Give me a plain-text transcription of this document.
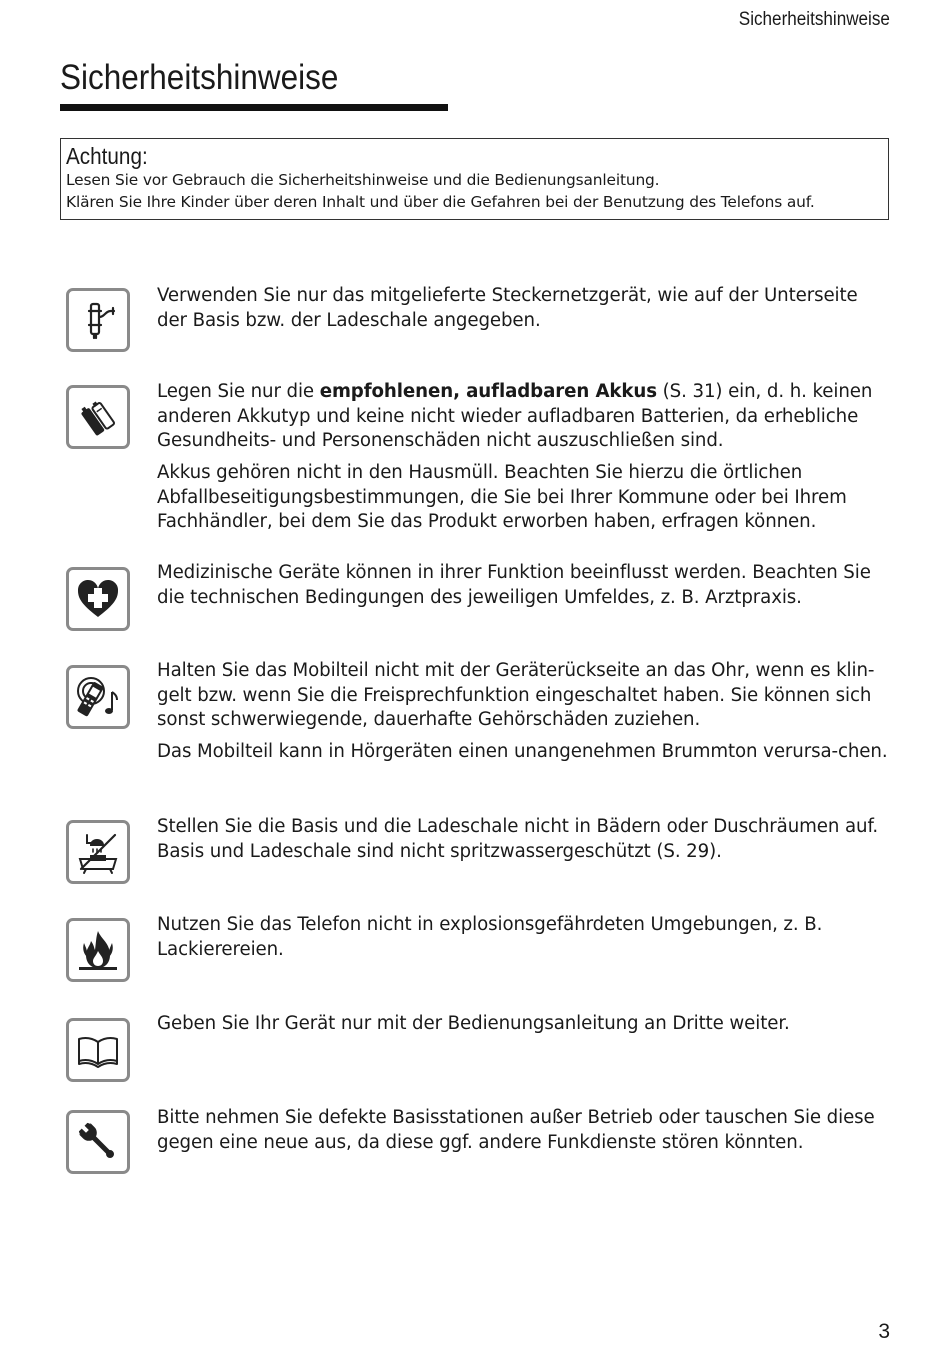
Sicherheitshinweise
Sicherheitshinweise
Achtung:
Lesen Sie vor Gebrauch die Sicherheitshinweise und die Bedienungsanleitung.
Klären Sie Ihre Kinder über deren Inhalt und über die Gefahren bei der Benutzung des Telefons auf.

Verwenden Sie nur das mitgelieferte Steckernetzgerät, wie auf der Unterseite der Basis bzw. der Ladeschale angegeben.

Legen Sie nur die empfohlenen, aufladbaren Akkus (S. 31) ein, d. h. keinen anderen Akkutyp und keine nicht wieder aufladbaren Batterien, da erhebliche Gesundheits- und Personenschäden nicht auszuschließen sind.

Akkus gehören nicht in den Hausmüll. Beachten Sie hierzu die örtlichen Abfallbeseitigungsbestimmungen, die Sie bei Ihrer Kommune oder bei Ihrem Fachhändler, bei dem Sie das Produkt erworben haben, erfragen können.

Medizinische Geräte können in ihrer Funktion beeinflusst werden. Beachten Sie die technischen Bedingungen des jeweiligen Umfeldes, z. B. Arztpraxis.

Halten Sie das Mobilteil nicht mit der Geräterückseite an das Ohr, wenn es klin-gelt bzw. wenn Sie die Freisprechfunktion eingeschaltet haben. Sie können sich sonst schwerwiegende, dauerhafte Gehörschäden zuziehen.

Das Mobilteil kann in Hörgeräten einen unangenehmen Brummton verursa-chen.

Stellen Sie die Basis und die Ladeschale nicht in Bädern oder Duschräumen auf. Basis und Ladeschale sind nicht spritzwassergeschützt (S. 29).

Nutzen Sie das Telefon nicht in explosionsgefährdeten Umgebungen, z. B. Lackierereien.

Geben Sie Ihr Gerät nur mit der Bedienungsanleitung an Dritte weiter.

Bitte nehmen Sie defekte Basisstationen außer Betrieb oder tauschen Sie diese gegen eine neue aus, da diese ggf. andere Funkdienste stören könnten.

3
